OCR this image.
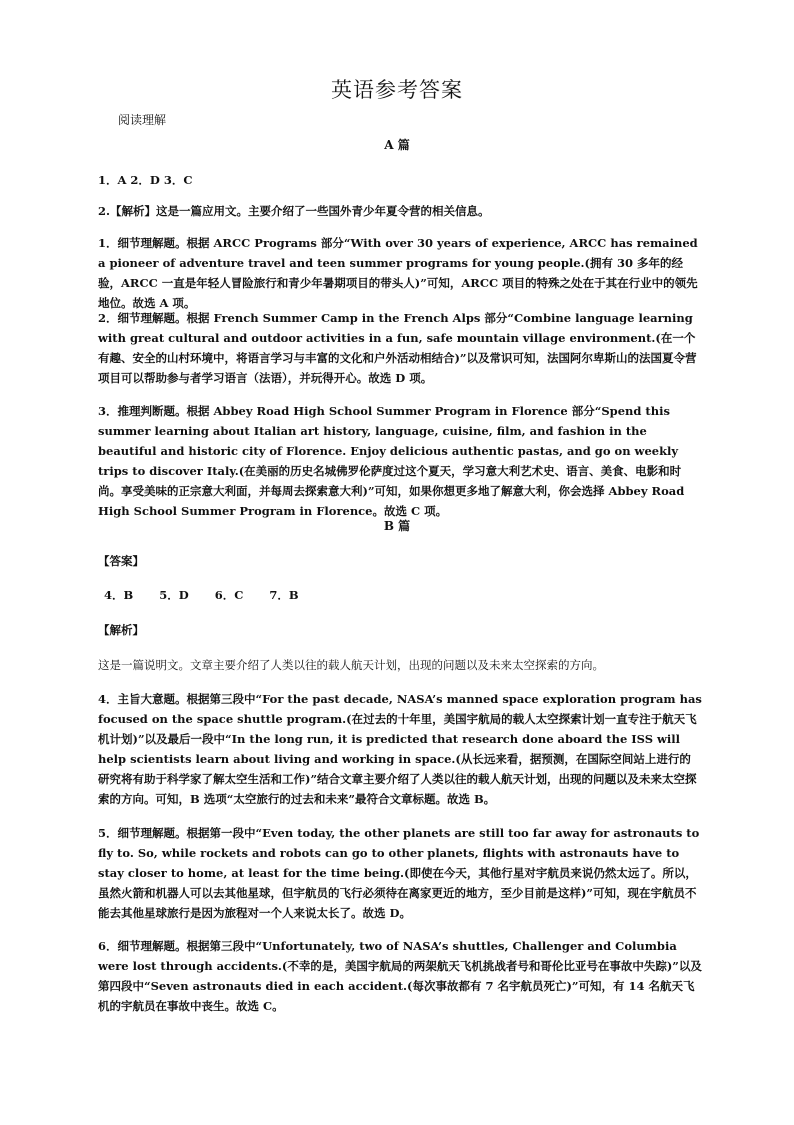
英语参考答案
阅读理解
A 篇
1．A 2．D 3．C
2.【解析】这是一篇应用文。主要介绍了一些国外青少年夏令营的相关信息。
1．细节理解题。根据 ARCC Programs 部分“With over 30 years of experience, ARCC has remained a pioneer of adventure travel and teen summer programs for young people.(拥有 30 多年的经验，ARCC 一直是年轻人冒险旅行和青少年暑期项目的带头人)”可知，ARCC 项目的特殊之处在于其在行业中的领先地位。故选 A 项。
2．细节理解题。根据 French Summer Camp in the French Alps 部分“Combine language learning with great cultural and outdoor activities in a fun, safe mountain village environment.(在一个有趣、安全的山村环境中，将语言学习与丰富的文化和户外活动相结合)”以及常识可知，法国阿尔卑斯山的法国夏令营项目可以帮助参与者学习语言（法语），并玩得开心。故选 D 项。
3．推理判断题。根据 Abbey Road High School Summer Program in Florence 部分“Spend this summer learning about Italian art history, language, cuisine, film, and fashion in the beautiful and historic city of Florence. Enjoy delicious authentic pastas, and go on weekly trips to discover Italy.(在美丽的历史名城佛罗伦萨度过这个夏天，学习意大利艺术史、语言、美食、电影和时尚。享受美味的正宗意大利面，并每周去探索意大利)”可知，如果你想更多地了解意大利，你会选择 Abbey Road High School Summer Program in Florence。故选 C 项。
B 篇
【答案】
4．B 5．D 6．C 7．B
【解析】
这是一篇说明文。文章主要介绍了人类以往的载人航天计划，出现的问题以及未来太空探索的方向。
4．主旨大意题。根据第三段中“For the past decade, NASA’s manned space exploration program has focused on the space shuttle program.(在过去的十年里，美国宇航局的载人太空探索计划一直专注于航天飞机计划)”以及最后一段中“In the long run, it is predicted that research done aboard the ISS will help scientists learn about living and working in space.(从长远来看，据预测，在国际空间站上进行的研究将有助于科学家了解太空生活和工作)”结合文章主要介绍了人类以往的载人航天计划，出现的问题以及未来太空探索的方向。可知，B 选项“太空旅行的过去和未来”最符合文章标题。故选 B。
5．细节理解题。根据第一段中“Even today, the other planets are still too far away for astronauts to fly to. So, while rockets and robots can go to other planets, flights with astronauts have to stay closer to home, at least for the time being.(即使在今天，其他行星对宇航员来说仍然太远了。所以，虽然火箭和机器人可以去其他星球，但宇航员的飞行必须待在离家更近的地方，至少目前是这样)”可知，现在宇航员不能去其他星球旅行是因为旅程对一个人来说太长了。故选 D。
6．细节理解题。根据第三段中“Unfortunately, two of NASA’s shuttles, Challenger and Columbia were lost through accidents.(不幸的是，美国宇航局的两架航天飞机挑战者号和哥伦比亚号在事故中失踪)”以及第四段中“Seven astronauts died in each accident.(每次事故都有 7 名宇航员死亡)”可知，有 14 名航天飞机的宇航员在事故中丧生。故选 C。
